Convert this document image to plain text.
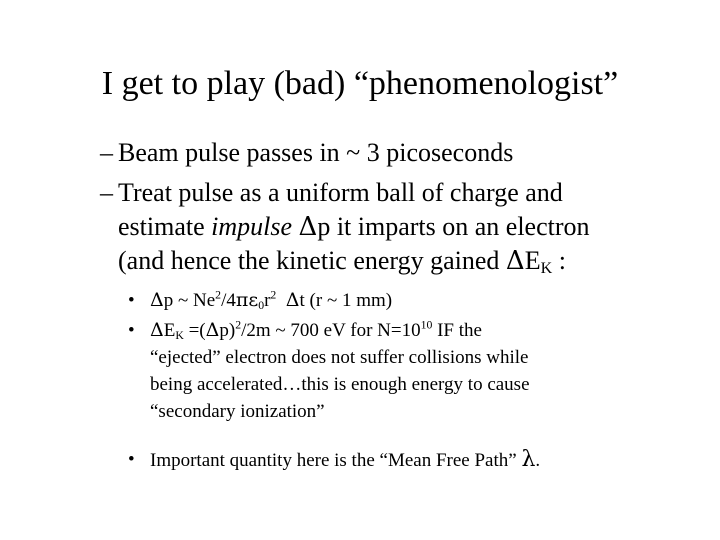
I get to play (bad) “phenomenologist”
– Beam pulse passes in ~ 3 picoseconds
– Treat pulse as a uniform ball of charge and
estimate impulse Δp it imparts on an electron
(and hence the kinetic energy gained $\Delta E_K$ :
• Δp ~ $Ne^2/4\pi\varepsilon_0r^2$ Δt (r ~ 1 mm)
• $\Delta E_K =(\Delta p)^2/2m$ ~ 700 eV for $N=10^{10}$ IF the
“ejected” electron does not suffer collisions while
being accelerated…this is enough energy to cause
“secondary ionization”
• Important quantity here is the “Mean Free Path” λ.
